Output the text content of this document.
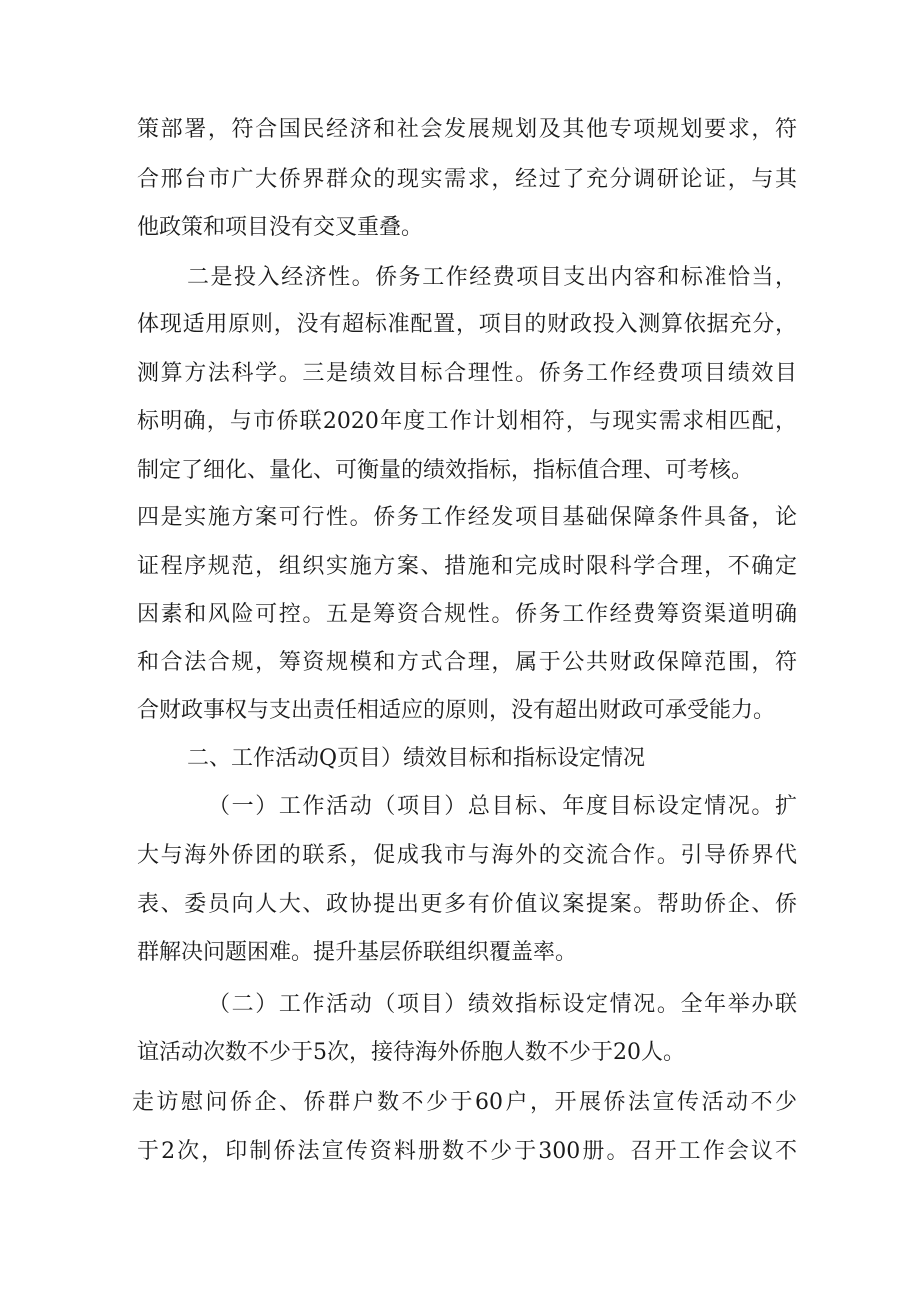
策部署，符合国民经济和社会发展规划及其他专项规划要求，符
合邢台市广大侨界群众的现实需求，经过了充分调研论证，与其
他政策和项目没有交叉重叠。
二是投入经济性。侨务工作经费项目支出内容和标准恰当，
体现适用原则，没有超标准配置，项目的财政投入测算依据充分，
测算方法科学。三是绩效目标合理性。侨务工作经费项目绩效目
标明确，与市侨联2020年度工作计划相符，与现实需求相匹配，
制定了细化、量化、可衡量的绩效指标，指标值合理、可考核。
四是实施方案可行性。侨务工作经发项目基础保障条件具备，论
证程序规范，组织实施方案、措施和完成时限科学合理，不确定
因素和风险可控。五是筹资合规性。侨务工作经费筹资渠道明确
和合法合规，筹资规模和方式合理，属于公共财政保障范围，符
合财政事权与支出责任相适应的原则，没有超出财政可承受能力。
二、工作活动Q页目）绩效目标和指标设定情况
（一）工作活动（项目）总目标、年度目标设定情况。扩
大与海外侨团的联系，促成我市与海外的交流合作。引导侨界代
表、委员向人大、政协提出更多有价值议案提案。帮助侨企、侨
群解决问题困难。提升基层侨联组织覆盖率。
（二）工作活动（项目）绩效指标设定情况。全年举办联
谊活动次数不少于5次，接待海外侨胞人数不少于20人。
走访慰问侨企、侨群户数不少于60户，开展侨法宣传活动不少
于2次，印制侨法宣传资料册数不少于300册。召开工作会议不
